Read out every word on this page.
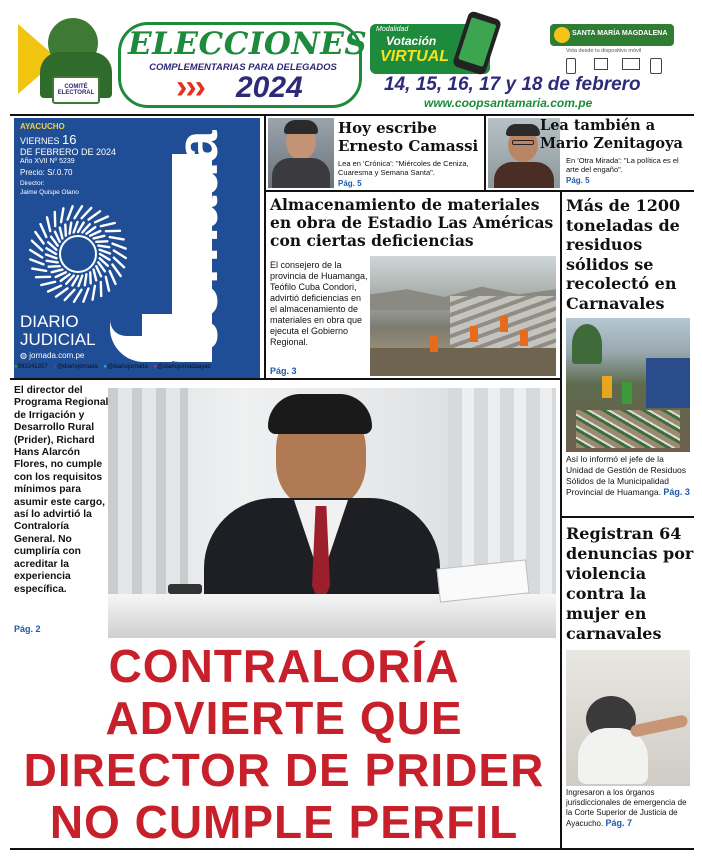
COMITÉ ELECTORAL
ELECCIONES
COMPLEMENTARIAS PARA DELEGADOS
››› 2024
Modalidad
Votación
VIRTUAL
SANTA MARÍA MAGDALENA
Vota desde tu dispositivo móvil
14, 15, 16, 17 y 18 de febrero
www.coopsantamaria.com.pe
AYACUCHO
VIERNES 16
DE FEBRERO DE 2024
Año XVII Nº 5239
Precio: S/.0.70
Director:
Jaime Quispe Olano Jornada
DIARIO
JUDICIAL
◍ jornada.com.pe
●993241357 ●@diariojornada ●@diariojornada ●@diariojornadaayac
Hoy escribe
Ernesto Camassi
Lea en 'Crónica': "Miércoles de Ceniza, Cuaresma y Semana Santa".
Pág. 5
Lea también a
Mario Zenitagoya
En 'Otra Mirada': "La política es el arte del engaño".
Pág. 5
Almacenamiento de materiales en obra de Estadio Las Américas con ciertas deficiencias
El consejero de la provincia de Huamanga, Teófilo Cuba Condori, advirtió deficiencias en el almacenamiento de materiales en obra que ejecuta el Gobierno Regional.
Pág. 3
Más de 1200 toneladas de residuos sólidos se recolectó en Carnavales
Así lo informó el jefe de la Unidad de Gestión de Residuos Sólidos de la Municipalidad Provincial de Huamanga. Pág. 3
Registran 64 denuncias por violencia contra la mujer en carnavales
Ingresaron a los órganos jurisdiccionales de emergencia de la Corte Superior de Justicia de Ayacucho. Pág. 7
El director del Programa Regional de Irrigación y Desarrollo Rural (Prider), Richard Hans Alarcón Flores, no cumple con los requisitos mínimos para asumir este cargo, así lo advirtió la Contraloría General. No cumpliría con acreditar la experiencia específica.
Pág. 2
CONTRALORÍA
ADVIERTE QUE
DIRECTOR DE PRIDER
NO CUMPLE PERFIL
